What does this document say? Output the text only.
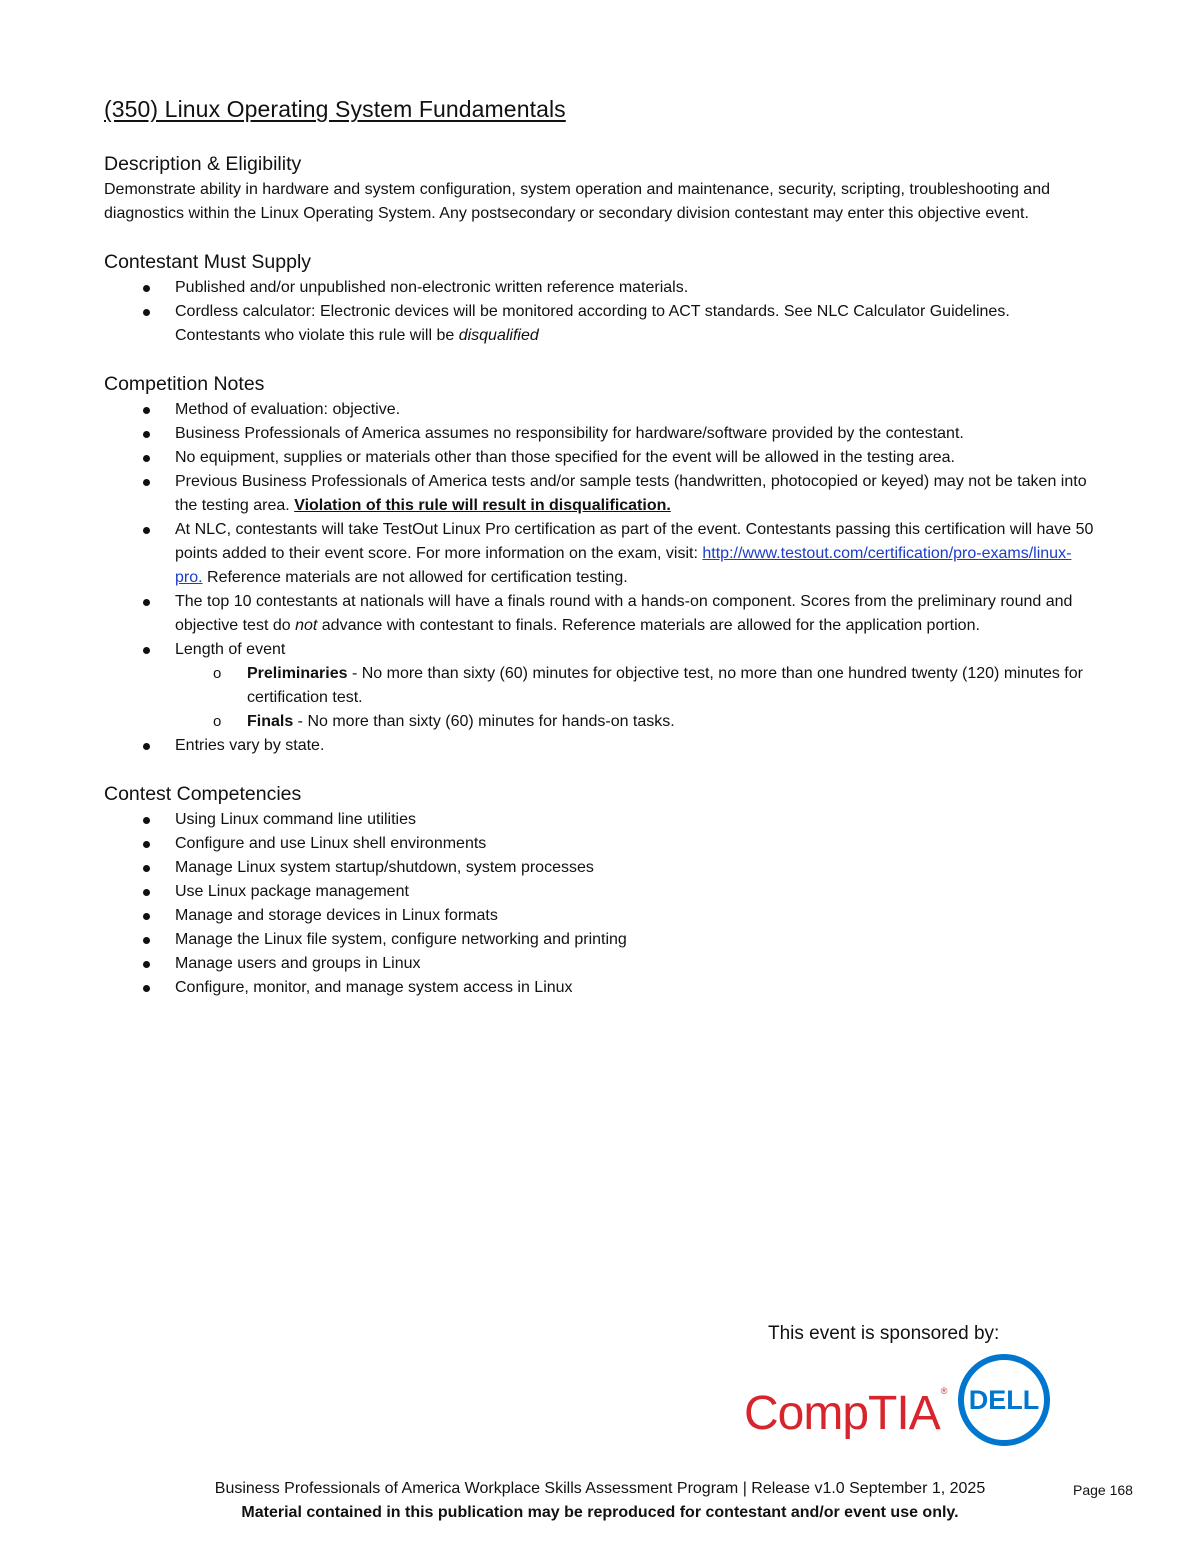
(350) Linux Operating System Fundamentals
Description & Eligibility

Demonstrate ability in hardware and system configuration, system operation and maintenance, security, scripting, troubleshooting and diagnostics within the Linux Operating System. Any postsecondary or secondary division contestant may enter this objective event.

Contestant Must Supply
Published and/or unpublished non-electronic written reference materials.
Cordless calculator: Electronic devices will be monitored according to ACT standards. See NLC Calculator Guidelines. Contestants who violate this rule will be disqualified
Competition Notes
Method of evaluation: objective.
Business Professionals of America assumes no responsibility for hardware/software provided by the contestant.
No equipment, supplies or materials other than those specified for the event will be allowed in the testing area.
Previous Business Professionals of America tests and/or sample tests (handwritten, photocopied or keyed) may not be taken into the testing area. Violation of this rule will result in disqualification.
At NLC, contestants will take TestOut Linux Pro certification as part of the event. Contestants passing this certification will have 50 points added to their event score. For more information on the exam, visit: http://www.testout.com/certification/pro-exams/linux-pro. Reference materials are not allowed for certification testing.
The top 10 contestants at nationals will have a finals round with a hands-on component. Scores from the preliminary round and objective test do not advance with contestant to finals. Reference materials are allowed for the application portion.
Length of event
o Preliminaries - No more than sixty (60) minutes for objective test, no more than one hundred twenty (120) minutes for certification test.
o Finals - No more than sixty (60) minutes for hands-on tasks.
Entries vary by state.
Contest Competencies
Using Linux command line utilities
Configure and use Linux shell environments
Manage Linux system startup/shutdown, system processes
Use Linux package management
Manage and storage devices in Linux formats
Manage the Linux file system, configure networking and printing
Manage users and groups in Linux
Configure, monitor, and manage system access in Linux
This event is sponsored by:
CompTIA® DELL
Business Professionals of America Workplace Skills Assessment Program | Release v1.0 September 1, 2025
Material contained in this publication may be reproduced for contestant and/or event use only.
Page 168
